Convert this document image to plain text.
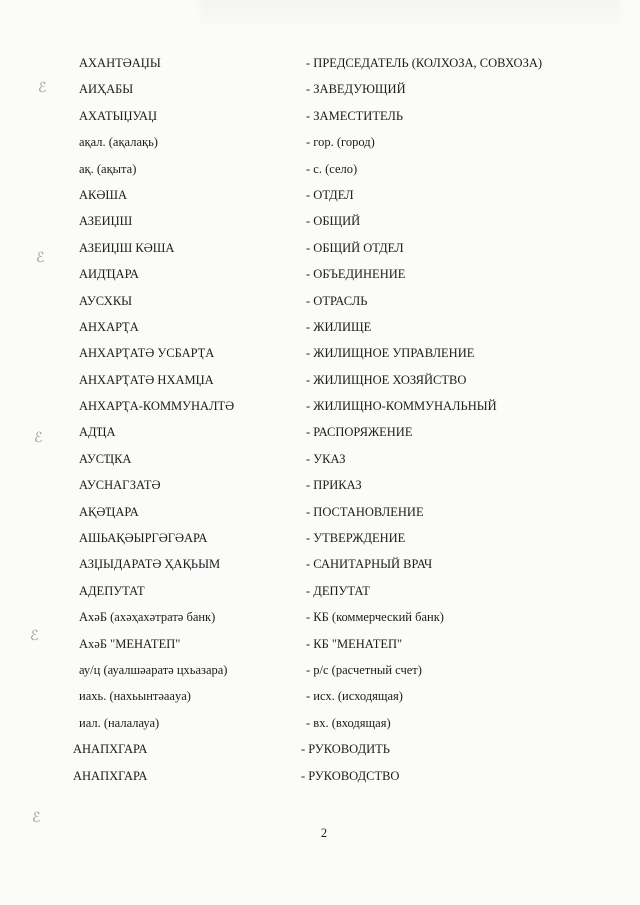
ℰ
ℰ
ℰ
ℰ
ℰ
АХАНТӘАЏЫ	- ПРЕДСЕДАТЕЛЬ (КОЛХОЗА, СОВХОЗА)
АИҲАБЫ	- ЗАВЕДУЮЩИЙ
АХАТЫЏУАЏ	- ЗАМЕСТИТЕЛЬ
ақал. (ақалақь)	- гор. (город)
ақ. (ақыта)	- с. (село)
АКӘША	- ОТДЕЛ
АЗЕИЏШ	- ОБЩИЙ
АЗЕИЏШ КӘША	- ОБЩИЙ ОТДЕЛ
АИДҴАРА	- ОБЪЕДИНЕНИЕ
АУСХКЫ	- ОТРАСЛЬ
АНХАРҬА	- ЖИЛИЩЕ
АНХАРҬАТӘ УСБАРҬА	- ЖИЛИЩНОЕ УПРАВЛЕНИЕ
АНХАРҬАТӘ НХАМЏА	- ЖИЛИЩНОЕ ХОЗЯЙСТВО
АНХАРҬА-КОММУНАЛТӘ	- ЖИЛИЩНО-КОММУНАЛЬНЫЙ
АДҴА	- РАСПОРЯЖЕНИЕ
АУСҴКА	- УКАЗ
АУСНАГЗАТӘ	- ПРИКАЗ
АҚӘҴАРА	- ПОСТАНОВЛЕНИЕ
АШЬАҚӘЫРГӘГӘАРА	- УТВЕРЖДЕНИЕ
АЗЏЫДАРАТӘ ҲАҚЬЫМ	- САНИТАРНЫЙ ВРАЧ
АДЕПУТАТ	- ДЕПУТАТ
АхәБ (ахәҳахәтратә банк)	- КБ (коммерческий банк)
АхәБ "МЕНАТЕП"	- КБ "МЕНАТЕП"
ау/ц (ауалшәаратә цхьазара)	- р/с (расчетный счет)
иахь. (нахьынтәааyа)	- исх. (исходящая)
иал. (налалауа)	- вх. (входящая)
АНАПХГАРА	- РУКОВОДИТЬ
АНАПХГАРА	- РУКОВОДСТВО
2
